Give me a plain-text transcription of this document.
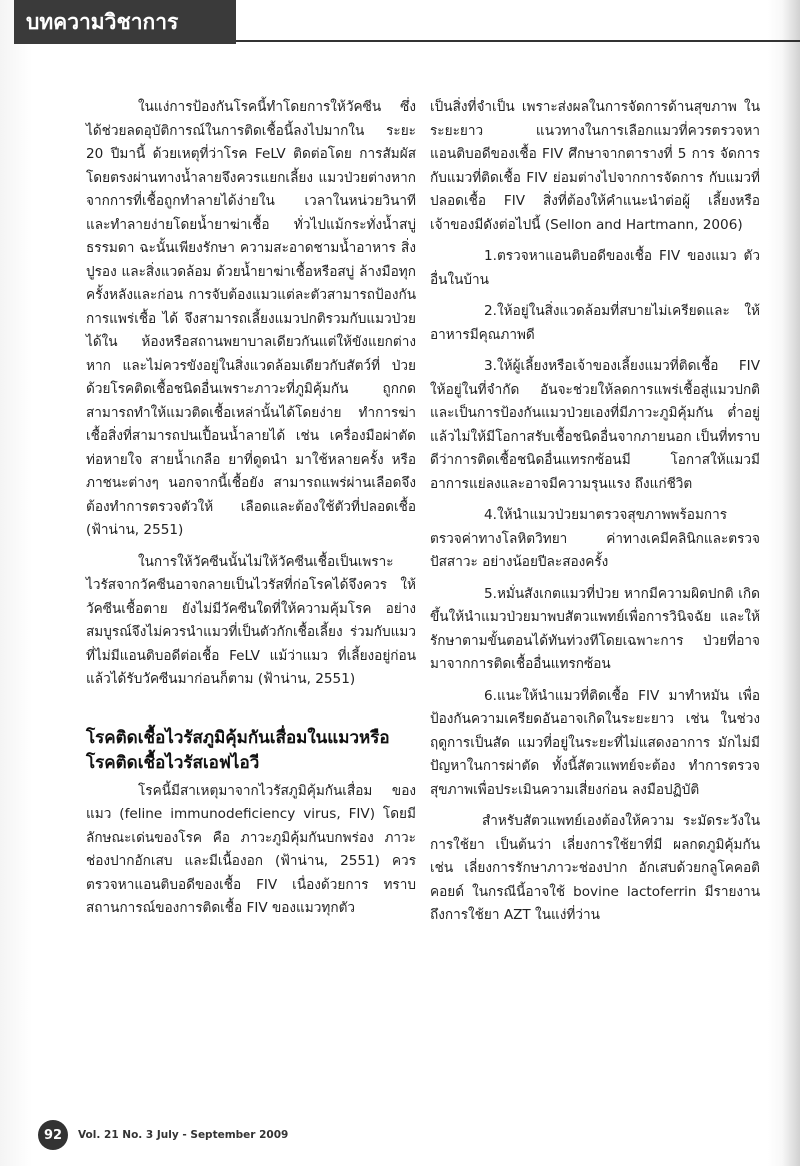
บทความวิชาการ

ในแง่การป้องกันโรคนี้ทำโดยการให้วัคซีน ซึ่งได้ช่วยลดอุบัติการณ์ในการติดเชื้อนี้ลงไปมากใน ระยะ 20 ปีมานี้ ด้วยเหตุที่ว่าโรค FeLV ติดต่อโดย การสัมผัสโดยตรงผ่านทางน้ำลายจึงควรแยกเลี้ยง แมวป่วยต่างหาก จากการที่เชื้อถูกทำลายได้ง่ายใน เวลาในหน่วยวินาที และทำลายง่ายโดยน้ำยาฆ่าเชื้อ ทั่วไปแม้กระทั่งน้ำสบู่ธรรมดา ฉะนั้นเพียงรักษา ความสะอาดชามน้ำอาหาร สิ่งปูรอง และสิ่งแวดล้อม ด้วยน้ำยาฆ่าเชื้อหรือสบู่ ล้างมือทุกครั้งหลังและก่อน การจับต้องแมวแต่ละตัวสามารถป้องกันการแพร่เชื้อ ได้ จึงสามารถเลี้ยงแมวปกติรวมกับแมวป่วยได้ใน ห้องหรือสถานพยาบาลเดียวกันแต่ให้ขังแยกต่าง หาก และไม่ควรขังอยู่ในสิ่งแวดล้อมเดียวกับสัตว์ที่ ป่วยด้วยโรคติดเชื้อชนิดอื่นเพราะภาวะที่ภูมิคุ้มกัน ถูกกดสามารถทำให้แมวติดเชื้อเหล่านั้นได้โดยง่าย ทำการฆ่าเชื้อสิ่งที่สามารถปนเปื้อนน้ำลายได้ เช่น เครื่องมือผ่าตัด ท่อหายใจ สายน้ำเกลือ ยาที่ดูดนำ มาใช้หลายครั้ง หรือภาชนะต่างๆ นอกจากนี้เชื้อยัง สามารถแพร่ผ่านเลือดจึงต้องทำการตรวจตัวให้ เลือดและต้องใช้ตัวที่ปลอดเชื้อ (ฟ้าน่าน, 2551)

ในการให้วัคซีนนั้นไม่ให้วัคซีนเชื้อเป็นเพราะ ไวรัสจากวัคซีนอาจกลายเป็นไวรัสที่ก่อโรคได้จึงควร ให้วัคซีนเชื้อตาย ยังไม่มีวัคซีนใดที่ให้ความคุ้มโรค อย่างสมบูรณ์จึงไม่ควรนำแมวที่เป็นตัวกักเชื้อเลี้ยง ร่วมกับแมวที่ไม่มีแอนติบอดีต่อเชื้อ FeLV แม้ว่าแมว ที่เลี้ยงอยู่ก่อนแล้วได้รับวัคซีนมาก่อนก็ตาม (ฟ้าน่าน, 2551)

โรคติดเชื้อไวรัสภูมิคุ้มกันเสื่อมในแมวหรือ โรคติดเชื้อไวรัสเอฟไอวี

โรคนี้มีสาเหตุมาจากไวรัสภูมิคุ้มกันเสื่อม ของแมว (feline immunodeficiency virus, FIV) โดยมีลักษณะเด่นของโรค คือ ภาวะภูมิคุ้มกันบกพร่อง ภาวะช่องปากอักเสบ และมีเนื้องอก (ฟ้าน่าน, 2551) ควรตรวจหาแอนติบอดีของเชื้อ FIV เนื่องด้วยการ ทราบสถานการณ์ของการติดเชื้อ FIV ของแมวทุกตัว

เป็นสิ่งที่จำเป็น เพราะส่งผลในการจัดการด้านสุขภาพ ในระยะยาว แนวทางในการเลือกแมวที่ควรตรวจหา แอนติบอดีของเชื้อ FIV ศึกษาจากตารางที่ 5 การ จัดการกับแมวที่ติดเชื้อ FIV ย่อมต่างไปจากการจัดการ กับแมวที่ปลอดเชื้อ FIV สิ่งที่ต้องให้คำแนะนำต่อผู้ เลี้ยงหรือเจ้าของมีดังต่อไปนี้ (Sellon and Hartmann, 2006)

1.ตรวจหาแอนติบอดีของเชื้อ FIV ของแมว ตัวอื่นในบ้าน

2.ให้อยู่ในสิ่งแวดล้อมที่สบายไม่เครียดและ ให้อาหารมีคุณภาพดี

3.ให้ผู้เลี้ยงหรือเจ้าของเลี้ยงแมวที่ติดเชื้อ FIV ให้อยู่ในที่จำกัด อันจะช่วยให้ลดการแพร่เชื้อสู่แมวปกติ และเป็นการป้องกันแมวป่วยเองที่มีภาวะภูมิคุ้มกัน ต่ำอยู่แล้วไม่ให้มีโอกาสรับเชื้อชนิดอื่นจากภายนอก เป็นที่ทราบดีว่าการติดเชื้อชนิดอื่นแทรกซ้อนมี โอกาสให้แมวมีอาการแย่ลงและอาจมีความรุนแรง ถึงแก่ชีวิต

4.ให้นำแมวป่วยมาตรวจสุขภาพพร้อมการ ตรวจค่าทางโลหิตวิทยา ค่าทางเคมีคลินิกและตรวจ ปัสสาวะ อย่างน้อยปีละสองครั้ง

5.หมั่นสังเกตแมวที่ป่วย หากมีความผิดปกติ เกิดขึ้นให้นำแมวป่วยมาพบสัตวแพทย์เพื่อการวินิจฉัย และให้รักษาตามขั้นตอนได้ทันท่วงทีโดยเฉพาะการ ป่วยที่อาจมาจากการติดเชื้ออื่นแทรกซ้อน

6.แนะให้นำแมวที่ติดเชื้อ FIV มาทำหมัน เพื่อป้องกันความเครียดอันอาจเกิดในระยะยาว เช่น ในช่วงฤดูการเป็นสัด แมวที่อยู่ในระยะที่ไม่แสดงอาการ มักไม่มีปัญหาในการผ่าตัด ทั้งนี้สัตวแพทย์จะต้อง ทำการตรวจสุขภาพเพื่อประเมินความเสี่ยงก่อน ลงมือปฏิบัติ

สำหรับสัตวแพทย์เองต้องให้ความ ระมัดระวังในการใช้ยา เป็นต้นว่า เลี่ยงการใช้ยาที่มี ผลกดภูมิคุ้มกัน เช่น เลี่ยงการรักษาภาวะช่องปาก อักเสบด้วยกลูโคคอติคอยด์ ในกรณีนี้อาจใช้ bovine lactoferrin มีรายงานถึงการใช้ยา AZT ในแง่ที่ว่าน

92	Vol. 21 No. 3 July - September 2009
